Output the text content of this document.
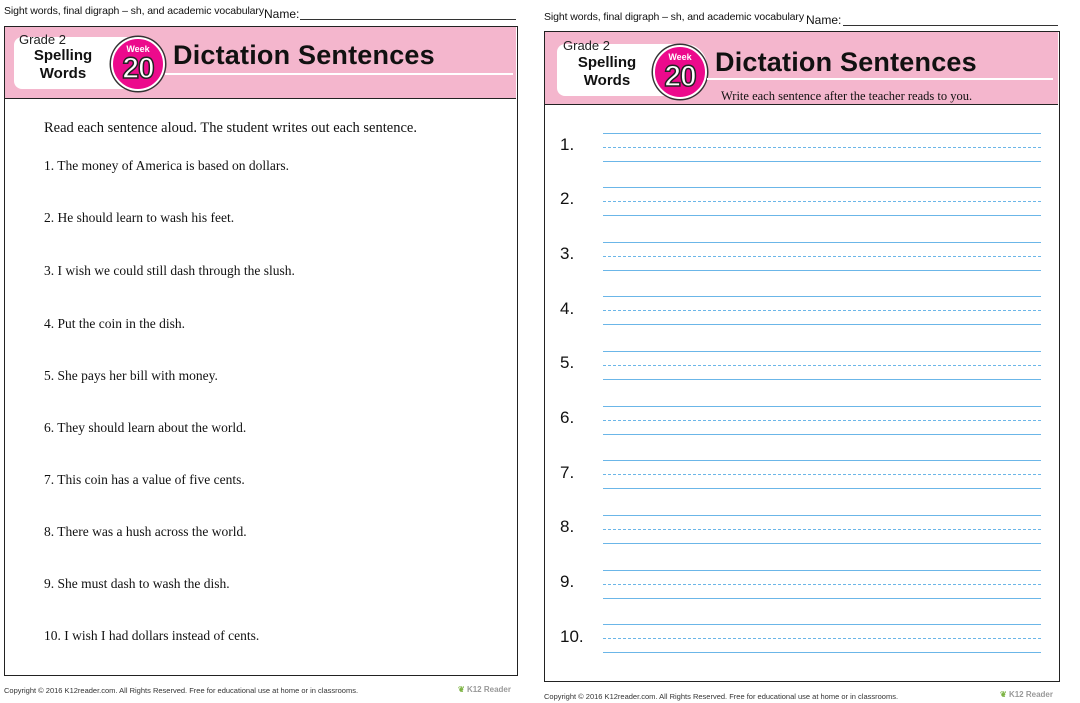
Sight words, final digraph – sh, and academic vocabulary Name:
Grade 2
Spelling
Words
Week
20 Dictation Sentences
Read each sentence aloud. The student writes out each sentence.
1. The money of America is based on dollars.
2. He should learn to wash his feet.
3. I wish we could still dash through the slush.
4. Put the coin in the dish.
5. She pays her bill with money.
6. They should learn about the world.
7. This coin has a value of five cents.
8. There was a hush across the world.
9. She must dash to wash the dish.
10. I wish I had dollars instead of cents.
Copyright © 2016 K12reader.com. All Rights Reserved. Free for educational use at home or in classrooms.	❦ K12 Reader
Sight words, final digraph – sh, and academic vocabulary Name:
Grade 2
Spelling
Words
Week
20 Dictation Sentences
Write each sentence after the teacher reads to you.
1.
2.
3.
4.
5.
6.
7.
8.
9.
10.
Copyright © 2016 K12reader.com. All Rights Reserved. Free for educational use at home or in classrooms.	❦ K12 Reader
